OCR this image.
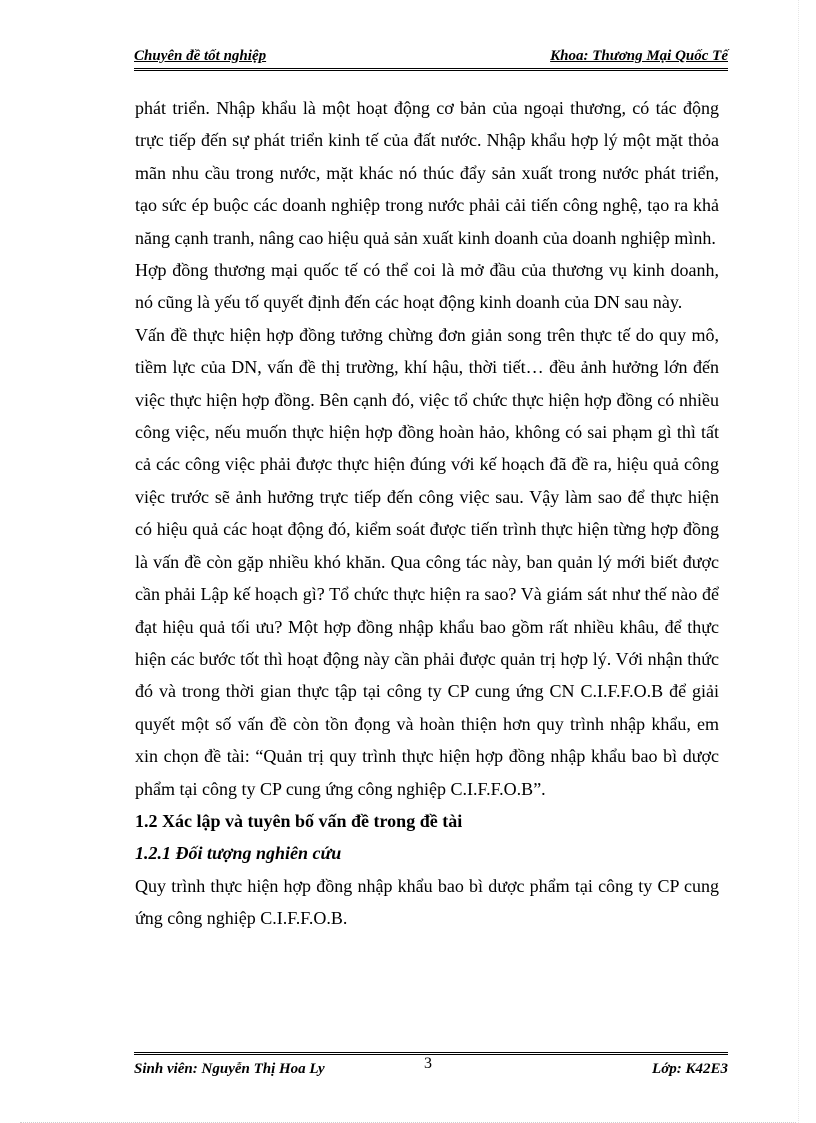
Chuyên đề tốt nghiệp	Khoa: Thương Mại Quốc Tế

phát triển. Nhập khẩu là một hoạt động cơ bản của ngoại thương, có tác động trực tiếp đến sự phát triển kinh tế của đất nước. Nhập khẩu hợp lý một mặt thỏa mãn nhu cầu trong nước, mặt khác nó thúc đẩy sản xuất trong nước phát triển, tạo sức ép buộc các doanh nghiệp trong nước phải cải tiến công nghệ, tạo ra khả năng cạnh tranh, nâng cao hiệu quả sản xuất kinh doanh của doanh nghiệp mình.

Hợp đồng thương mại quốc tế có thể coi là mở đầu của thương vụ kinh doanh, nó cũng là yếu tố quyết định đến các hoạt động kinh doanh của DN sau này.

Vấn đề thực hiện hợp đồng tưởng chừng đơn giản song trên thực tế do quy mô, tiềm lực của DN, vấn đề thị trường, khí hậu, thời tiết… đều ảnh hưởng lớn đến việc thực hiện hợp đồng. Bên cạnh đó, việc tổ chức thực hiện hợp đồng có nhiều công việc, nếu muốn thực hiện hợp đồng hoàn hảo, không có sai phạm gì thì tất cả các công việc phải được thực hiện đúng với kế hoạch đã đề ra, hiệu quả công việc trước sẽ ảnh hưởng trực tiếp đến công việc sau. Vậy làm sao để thực hiện có hiệu quả các hoạt động đó, kiểm soát được tiến trình thực hiện từng hợp đồng là vấn đề còn gặp nhiều khó khăn. Qua công tác này, ban quản lý mới biết được cần phải Lập kế hoạch gì? Tổ chức thực hiện ra sao? Và giám sát như thế nào để đạt hiệu quả tối ưu? Một hợp đồng nhập khẩu bao gồm rất nhiều khâu, để thực hiện các bước tốt thì hoạt động này cần phải được quản trị hợp lý. Với nhận thức đó và trong thời gian thực tập tại công ty CP cung ứng CN C.I.F.F.O.B để giải quyết một số vấn đề còn tồn đọng và hoàn thiện hơn quy trình nhập khẩu, em xin chọn đề tài: “Quản trị quy trình thực hiện hợp đồng nhập khẩu bao bì dược phẩm tại công ty CP cung ứng công nghiệp C.I.F.F.O.B”.

1.2 Xác lập và tuyên bố vấn đề trong đề tài

1.2.1 Đối tượng nghiên cứu

Quy trình thực hiện hợp đồng nhập khẩu bao bì dược phẩm tại công ty CP cung ứng công nghiệp C.I.F.F.O.B.

Sinh viên: Nguyễn Thị Hoa Ly	3	Lớp: K42E3
